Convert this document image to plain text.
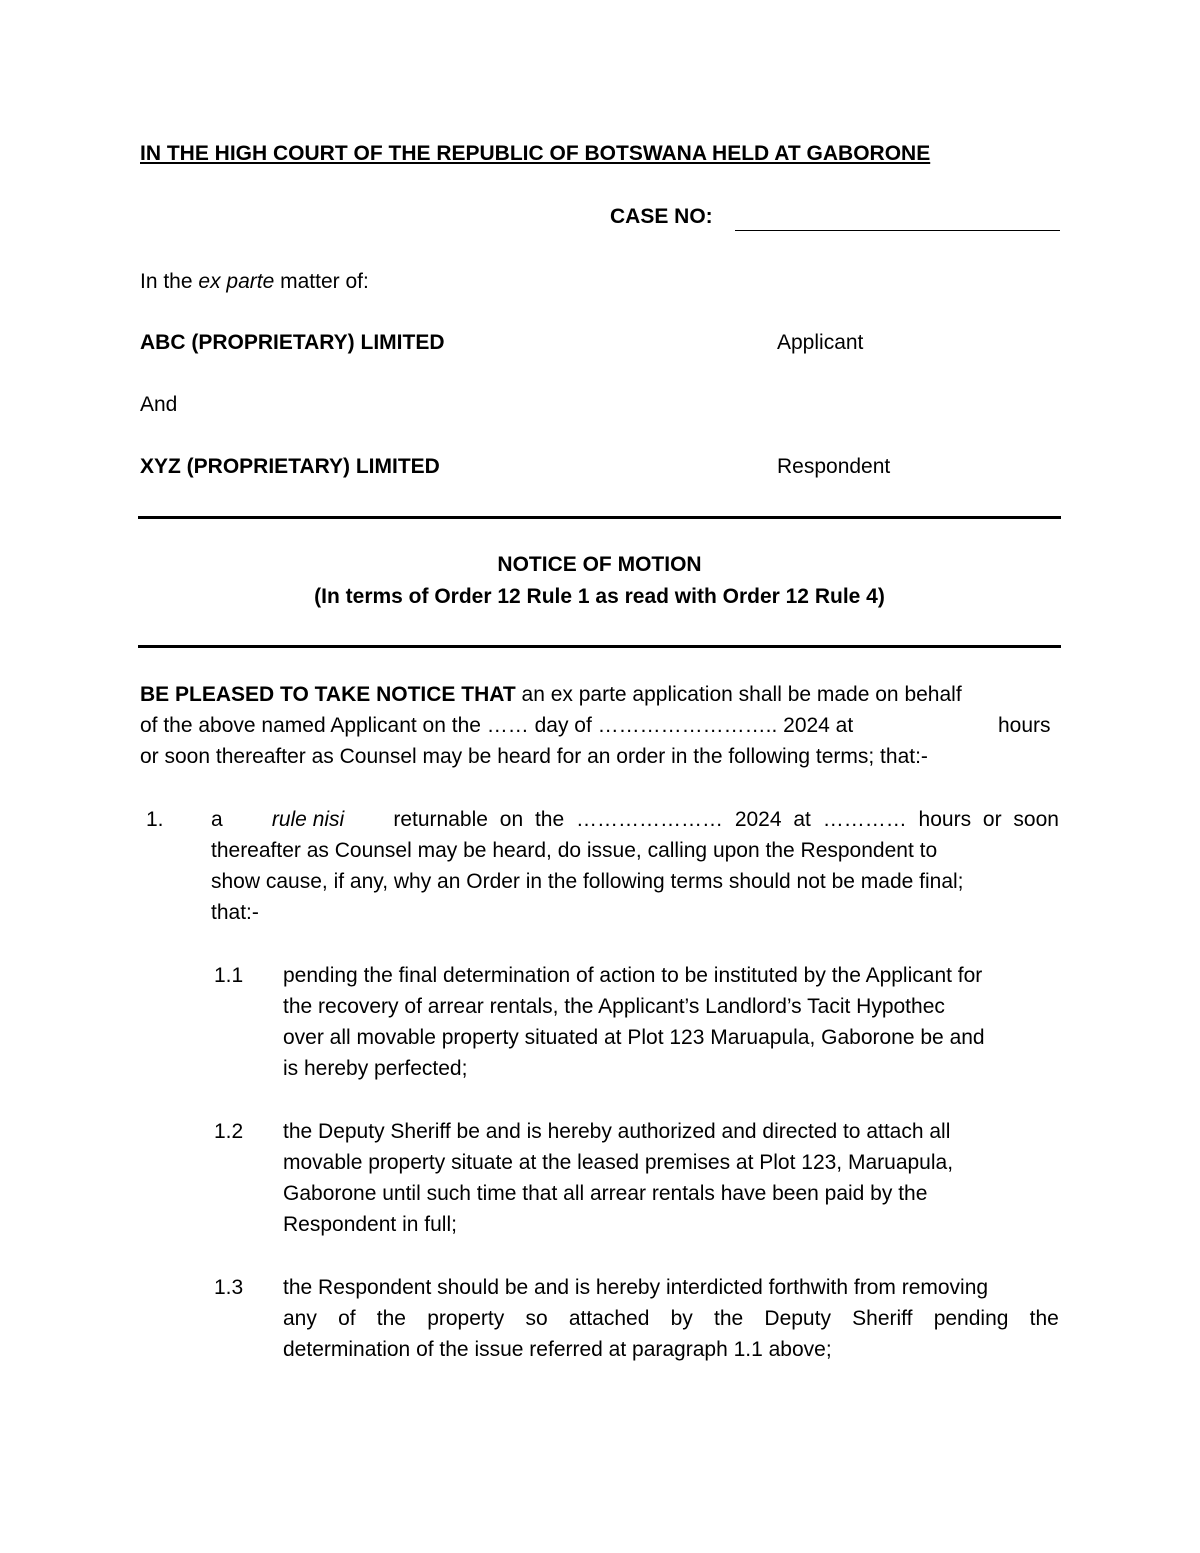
IN THE HIGH COURT OF THE REPUBLIC OF BOTSWANA HELD AT GABORONE
CASE NO:
In the ex parte matter of:
ABC (PROPRIETARY) LIMITED	Applicant
And
XYZ (PROPRIETARY) LIMITED	Respondent
NOTICE OF MOTION
(In terms of Order 12 Rule 1 as read with Order 12 Rule 4)
BE PLEASED TO TAKE NOTICE THAT an ex parte application shall be made on behalf
of the above named Applicant on the …… day of …………………….. 2024 at	hours
or soon thereafter as Counsel may be heard for an order in the following terms; that:-
1. a rule nisi returnable on the ………………… 2024 at ………… hours or soon
thereafter as Counsel may be heard, do issue, calling upon the Respondent to
show cause, if any, why an Order in the following terms should not be made final;
that:-
1.1 pending the final determination of action to be instituted by the Applicant for
the recovery of arrear rentals, the Applicant’s Landlord’s Tacit Hypothec
over all movable property situated at Plot 123 Maruapula, Gaborone be and
is hereby perfected;
1.2 the Deputy Sheriff be and is hereby authorized and directed to attach all
movable property situate at the leased premises at Plot 123, Maruapula,
Gaborone until such time that all arrear rentals have been paid by the
Respondent in full;
1.3 the Respondent should be and is hereby interdicted forthwith from removing
any of the property so attached by the Deputy Sheriff pending the
determination of the issue referred at paragraph 1.1 above;
